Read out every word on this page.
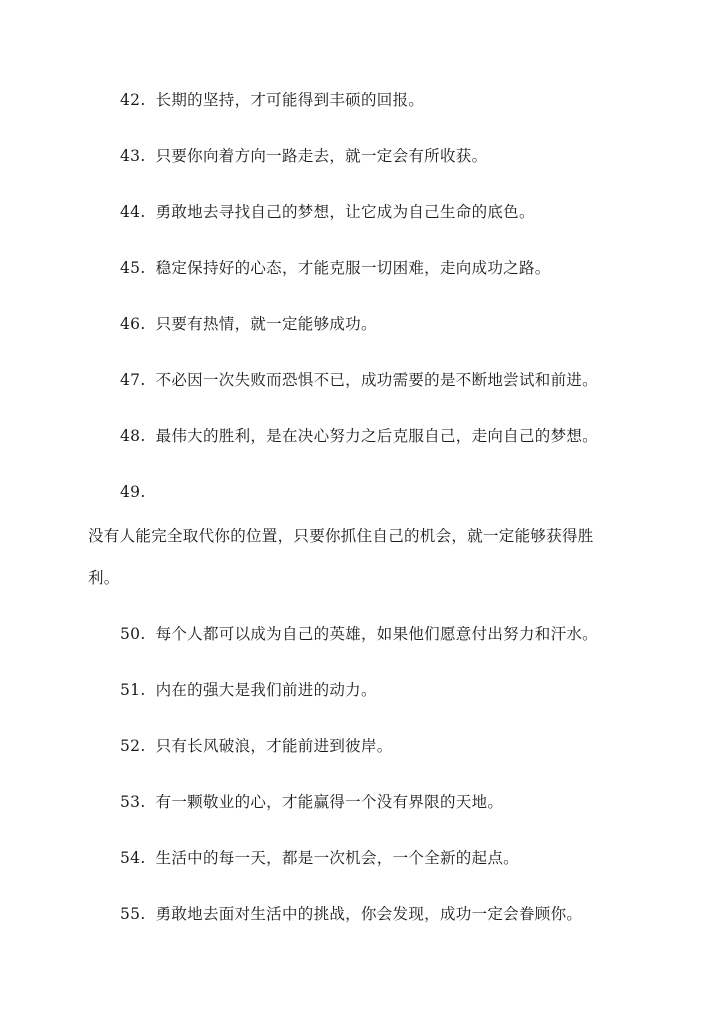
42. 长期的坚持，才可能得到丰硕的回报。
43. 只要你向着方向一路走去，就一定会有所收获。
44. 勇敢地去寻找自己的梦想，让它成为自己生命的底色。
45. 稳定保持好的心态，才能克服一切困难，走向成功之路。
46. 只要有热情，就一定能够成功。
47. 不必因一次失败而恐惧不已，成功需要的是不断地尝试和前进。
48. 最伟大的胜利，是在决心努力之后克服自己，走向自己的梦想。
49.
没有人能完全取代你的位置，只要你抓住自己的机会，就一定能够获得胜
利。
50. 每个人都可以成为自己的英雄，如果他们愿意付出努力和汗水。
51. 内在的强大是我们前进的动力。
52. 只有长风破浪，才能前进到彼岸。
53. 有一颗敬业的心，才能赢得一个没有界限的天地。
54. 生活中的每一天，都是一次机会，一个全新的起点。
55. 勇敢地去面对生活中的挑战，你会发现，成功一定会眷顾你。
